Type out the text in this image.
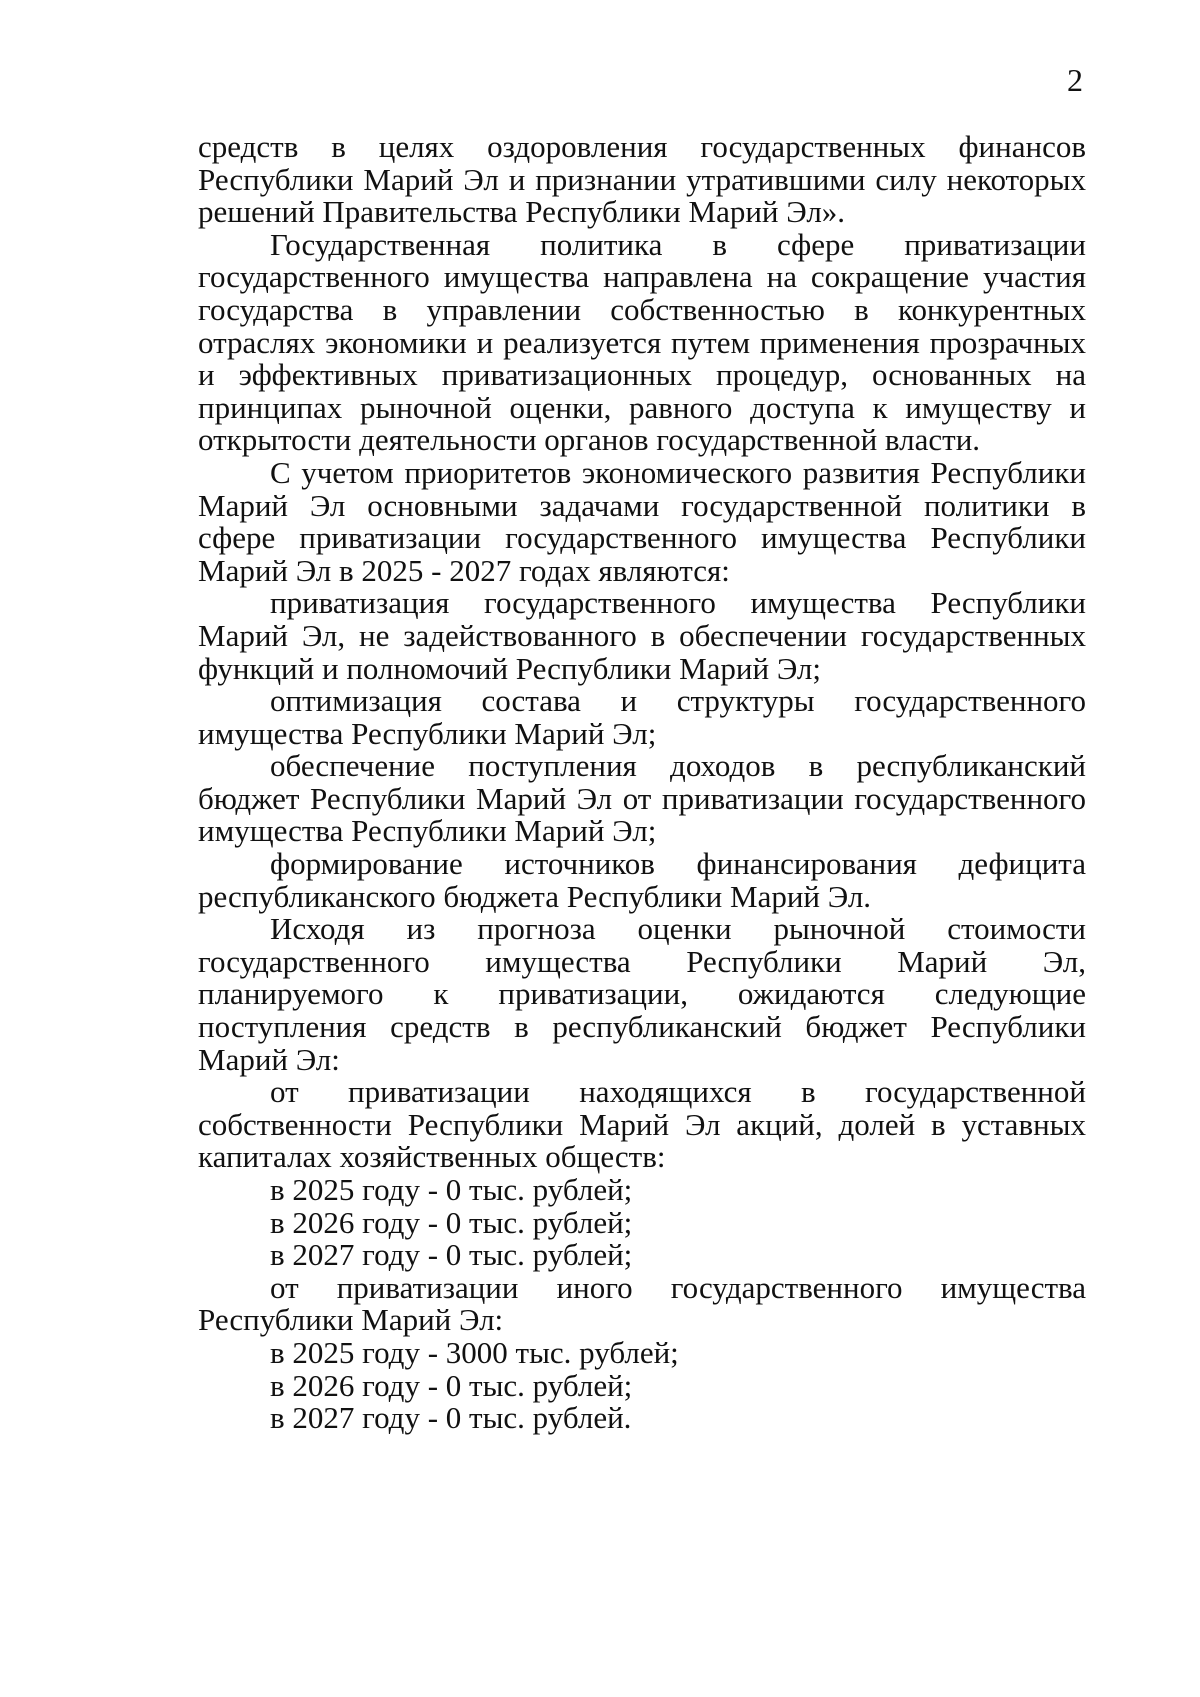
2

средств в целях оздоровления государственных финансов Республики Марий Эл и признании утратившими силу некоторых решений Правительства Республики Марий Эл».

Государственная политика в сфере приватизации государственного имущества направлена на сокращение участия государства в управлении собственностью в конкурентных отраслях экономики и реализуется путем применения прозрачных и эффективных приватизационных процедур, основанных на принципах рыночной оценки, равного доступа к имуществу и открытости деятельности органов государственной власти.

С учетом приоритетов экономического развития Республики Марий Эл основными задачами государственной политики в сфере приватизации государственного имущества Республики Марий Эл в 2025 - 2027 годах являются:

приватизация государственного имущества Республики Марий Эл, не задействованного в обеспечении государственных функций и полномочий Республики Марий Эл;

оптимизация состава и структуры государственного имущества Республики Марий Эл;

обеспечение поступления доходов в республиканский бюджет Республики Марий Эл от приватизации государственного имущества Республики Марий Эл;

формирование источников финансирования дефицита республиканского бюджета Республики Марий Эл.

Исходя из прогноза оценки рыночной стоимости государственного имущества Республики Марий Эл, планируемого к приватизации, ожидаются следующие поступления средств в республиканский бюджет Республики Марий Эл:

от приватизации находящихся в государственной собственности Республики Марий Эл акций, долей в уставных капиталах хозяйственных обществ:

в 2025 году - 0 тыс. рублей;

в 2026 году - 0 тыс. рублей;

в 2027 году - 0 тыс. рублей;

от приватизации иного государственного имущества Республики Марий Эл:

в 2025 году - 3000 тыс. рублей;

в 2026 году - 0 тыс. рублей;

в 2027 году - 0 тыс. рублей.
